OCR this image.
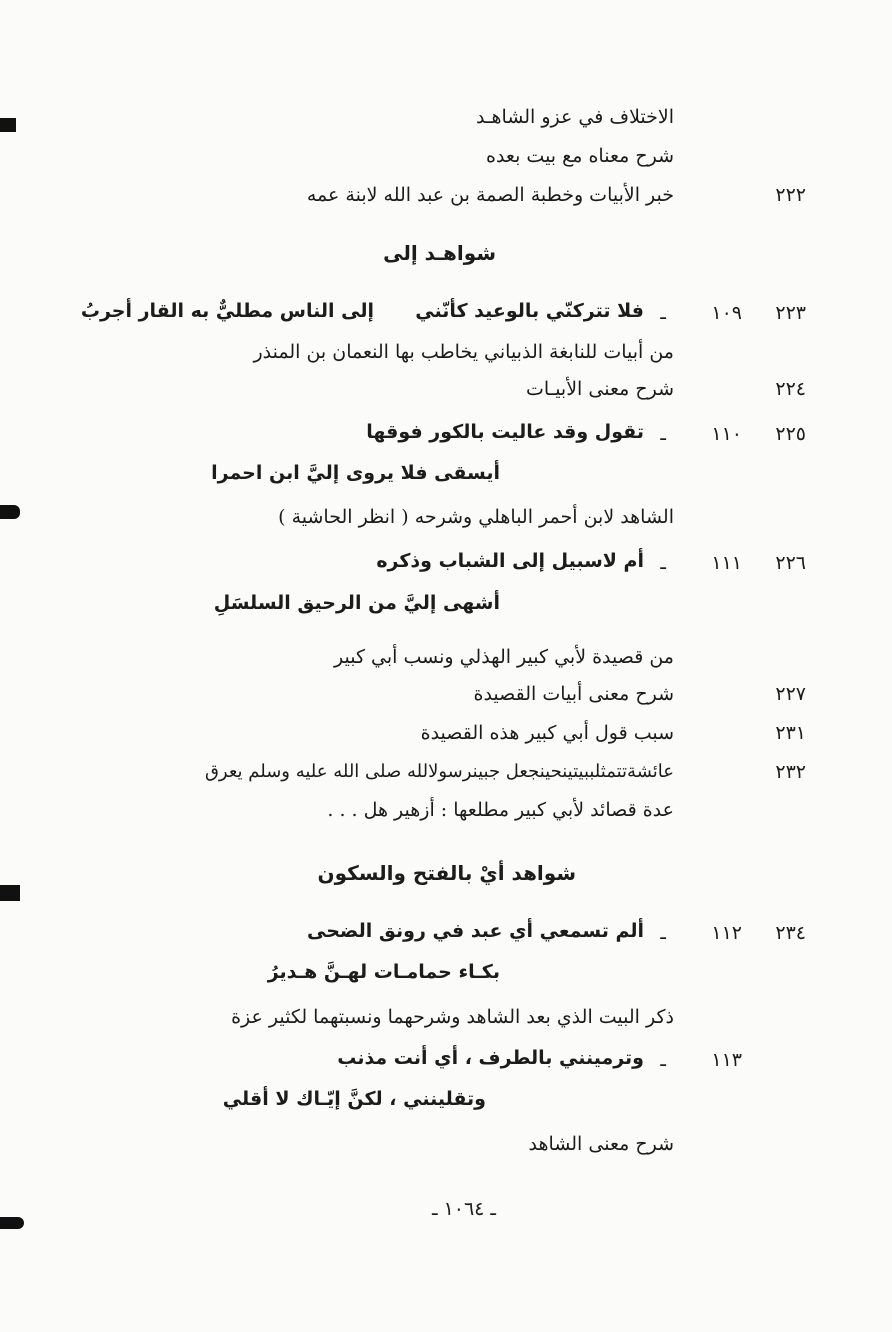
الاختلاف في عزو الشاهـد
شرح معناه مع بيت بعده
٢٢٢
خبر الأبيات وخطبة الصمة بن عبد الله لابنة عمه
شواهـد إلى
٢٢٣
١٠٩
ـ
فلا تتركنّي بالوعيد كأنّني
إلى الناس مطليٌّ به القار أجربُ
من أبيات للنابغة الذبياني يخاطب بها النعمان بن المنذر
٢٢٤
شرح معنى الأبيـات
٢٢٥
١١٠
ـ
تقول وقد عاليت بالكور فوقها
أيسقى فلا يروى إليَّ ابن احمرا
الشاهد لابن أحمر الباهلي وشرحه ( انظر الحاشية )
٢٢٦
١١١
ـ
أم لاسبيل إلى الشباب وذكره
أشهى إليَّ من الرحيق السلسَلِ
من قصيدة لأبي كبير الهذلي ونسب أبي كبير
٢٢٧
شرح معنى أبيات القصيدة
٢٣١
سبب قول أبي كبير هذه القصيدة
٢٣٢
عائشةتتمثلببيتينحينجعل جبينرسولالله صلى الله عليه وسلم يعرق
عدة قصائد لأبي كبير مطلعها : أزهير هل . . .
شواهد أيْ بالفتح والسكون
٢٣٤
١١٢
ـ
ألم تسمعي أي عبد في رونق الضحى
بكـاء حمامـات لهـنَّ هـديرُ
ذكر البيت الذي بعد الشاهد وشرحهما ونسبتهما لكثير عزة
١١٣
ـ
وترمينني بالطرف ، أي أنت مذنب
وتقلينني ، لكنَّ إيّـاك لا أقلي
شرح معنى الشاهد
ـ ١٠٦٤ ـ
